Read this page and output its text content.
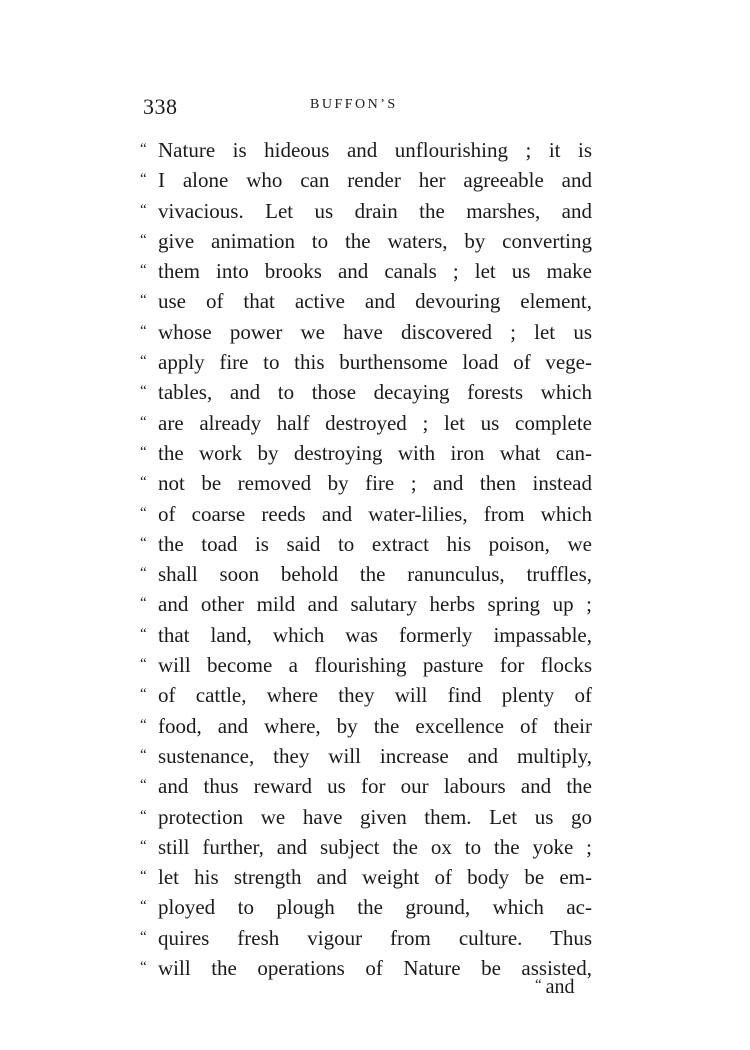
338	BUFFON’S
“ Nature is hideous and unflourishing ; it is
“ I alone who can render her agreeable and
“ vivacious. Let us drain the marshes, and
“ give animation to the waters, by converting
“ them into brooks and canals ; let us make
“ use of that active and devouring element,
“ whose power we have discovered ; let us
“ apply fire to this burthensome load of vege-
“ tables, and to those decaying forests which
“ are already half destroyed ; let us complete
“ the work by destroying with iron what can-
“ not be removed by fire ; and then instead
“ of coarse reeds and water-lilies, from which
“ the toad is said to extract his poison, we
“ shall soon behold the ranunculus, truffles,
“ and other mild and salutary herbs spring up ;
“ that land, which was formerly impassable,
“ will become a flourishing pasture for flocks
“ of cattle, where they will find plenty of
“ food, and where, by the excellence of their
“ sustenance, they will increase and multiply,
“ and thus reward us for our labours and the
“ protection we have given them. Let us go
“ still further, and subject the ox to the yoke ;
“ let his strength and weight of body be em-
“ ployed to plough the ground, which ac-
“ quires fresh vigour from culture. Thus
“ will the operations of Nature be assisted,
“ and
